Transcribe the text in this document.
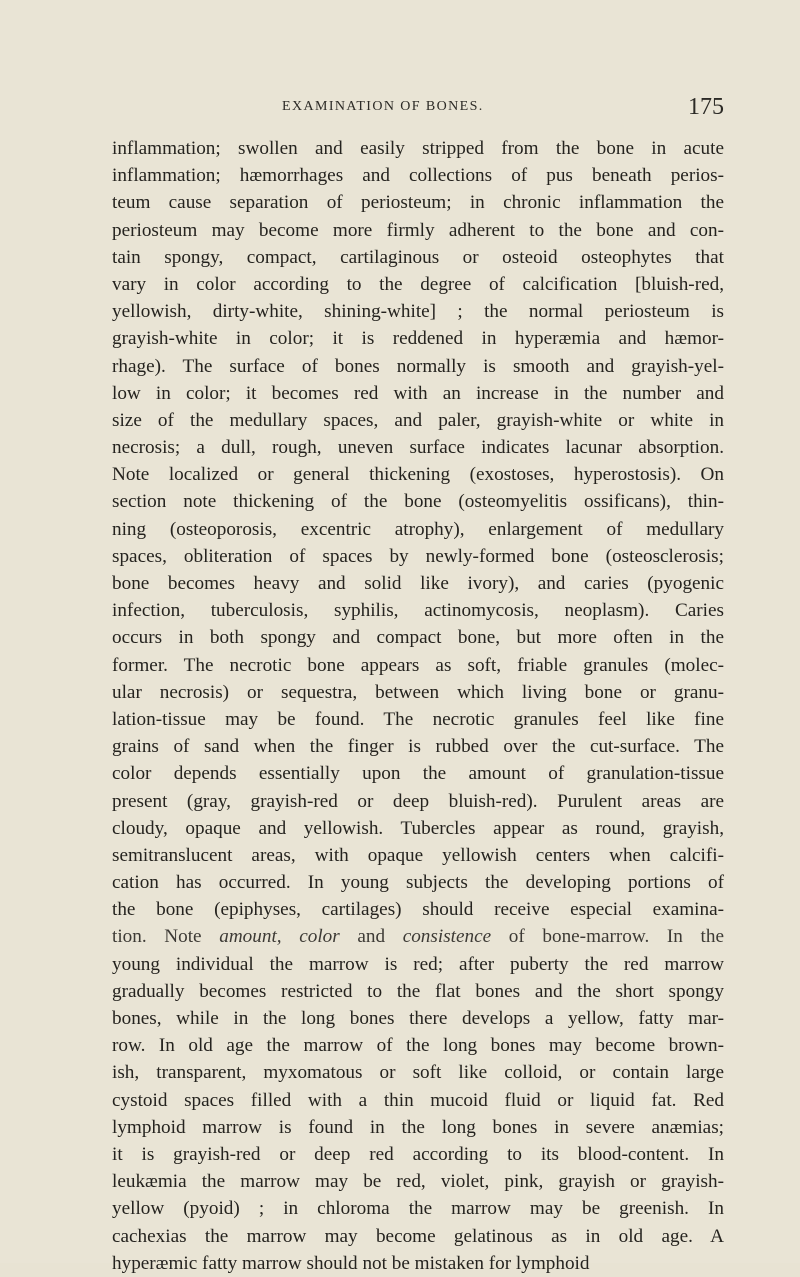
EXAMINATION OF BONES.	175
inflammation; swollen and easily stripped from the bone in acute
inflammation; hæmorrhages and collections of pus beneath perios-
teum cause separation of periosteum; in chronic inflammation the
periosteum may become more firmly adherent to the bone and con-
tain spongy, compact, cartilaginous or osteoid osteophytes that
vary in color according to the degree of calcification [bluish-red,
yellowish, dirty-white, shining-white] ; the normal periosteum is
grayish-white in color; it is reddened in hyperæmia and hæmor-
rhage). The surface of bones normally is smooth and grayish-yel-
low in color; it becomes red with an increase in the number and
size of the medullary spaces, and paler, grayish-white or white in
necrosis; a dull, rough, uneven surface indicates lacunar absorption.
Note localized or general thickening (exostoses, hyperostosis). On
section note thickening of the bone (osteomyelitis ossificans), thin-
ning (osteoporosis, excentric atrophy), enlargement of medullary
spaces, obliteration of spaces by newly-formed bone (osteosclerosis;
bone becomes heavy and solid like ivory), and caries (pyogenic
infection, tuberculosis, syphilis, actinomycosis, neoplasm). Caries
occurs in both spongy and compact bone, but more often in the
former. The necrotic bone appears as soft, friable granules (molec-
ular necrosis) or sequestra, between which living bone or granu-
lation-tissue may be found. The necrotic granules feel like fine
grains of sand when the finger is rubbed over the cut-surface. The
color depends essentially upon the amount of granulation-tissue
present (gray, grayish-red or deep bluish-red). Purulent areas are
cloudy, opaque and yellowish. Tubercles appear as round, grayish,
semitranslucent areas, with opaque yellowish centers when calcifi-
cation has occurred. In young subjects the developing portions of
the bone (epiphyses, cartilages) should receive especial examina-
tion. Note amount, color and consistence of bone-marrow. In the
young individual the marrow is red; after puberty the red marrow
gradually becomes restricted to the flat bones and the short spongy
bones, while in the long bones there develops a yellow, fatty mar-
row. In old age the marrow of the long bones may become brown-
ish, transparent, myxomatous or soft like colloid, or contain large
cystoid spaces filled with a thin mucoid fluid or liquid fat. Red
lymphoid marrow is found in the long bones in severe anæmias;
it is grayish-red or deep red according to its blood-content. In
leukæmia the marrow may be red, violet, pink, grayish or grayish-
yellow (pyoid) ; in chloroma the marrow may be greenish. In
cachexias the marrow may become gelatinous as in old age. A
hyperæmic fatty marrow should not be mistaken for lymphoid
